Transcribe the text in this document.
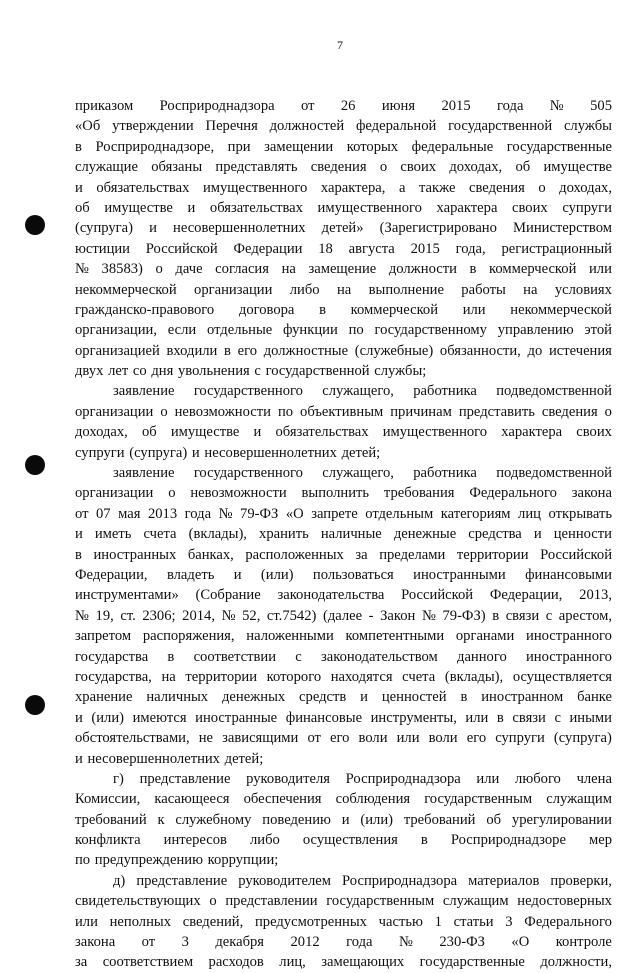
7
приказом Росприроднадзора от 26 июня 2015 года № 505
«Об утверждении Перечня должностей федеральной государственной службы
в Росприроднадзоре, при замещении которых федеральные государственные
служащие обязаны представлять сведения о своих доходах, об имуществе
и обязательствах имущественного характера, а также сведения о доходах,
об имуществе и обязательствах имущественного характера своих супруги
(супруга) и несовершеннолетних детей» (Зарегистрировано Министерством
юстиции Российской Федерации 18 августа 2015 года, регистрационный
№ 38583) о даче согласия на замещение должности в коммерческой или
некоммерческой организации либо на выполнение работы на условиях
гражданско-правового договора в коммерческой или некоммерческой
организации, если отдельные функции по государственному управлению этой
организацией входили в его должностные (служебные) обязанности, до истечения
двух лет со дня увольнения с государственной службы;
заявление государственного служащего, работника подведомственной
организации о невозможности по объективным причинам представить сведения о
доходах, об имуществе и обязательствах имущественного характера своих
супруги (супруга) и несовершеннолетних детей;
заявление государственного служащего, работника подведомственной
организации о невозможности выполнить требования Федерального закона
от 07 мая 2013 года № 79-ФЗ «О запрете отдельным категориям лиц открывать
и иметь счета (вклады), хранить наличные денежные средства и ценности
в иностранных банках, расположенных за пределами территории Российской
Федерации, владеть и (или) пользоваться иностранными финансовыми
инструментами» (Собрание законодательства Российской Федерации, 2013,
№ 19, ст. 2306; 2014, № 52, ст.7542) (далее - Закон № 79-ФЗ) в связи с арестом,
запретом распоряжения, наложенными компетентными органами иностранного
государства в соответствии с законодательством данного иностранного
государства, на территории которого находятся счета (вклады), осуществляется
хранение наличных денежных средств и ценностей в иностранном банке
и (или) имеются иностранные финансовые инструменты, или в связи с иными
обстоятельствами, не зависящими от его воли или воли его супруги (супруга)
и несовершеннолетних детей;
г) представление руководителя Росприроднадзора или любого члена
Комиссии, касающееся обеспечения соблюдения государственным служащим
требований к служебному поведению и (или) требований об урегулировании
конфликта интересов либо осуществления в Росприроднадзоре мер
по предупреждению коррупции;
д) представление руководителем Росприроднадзора материалов проверки,
свидетельствующих о представлении государственным служащим недостоверных
или неполных сведений, предусмотренных частью 1 статьи 3 Федерального
закона от 3 декабря 2012 года № 230-ФЗ «О контроле
за соответствием расходов лиц, замещающих государственные должности,
